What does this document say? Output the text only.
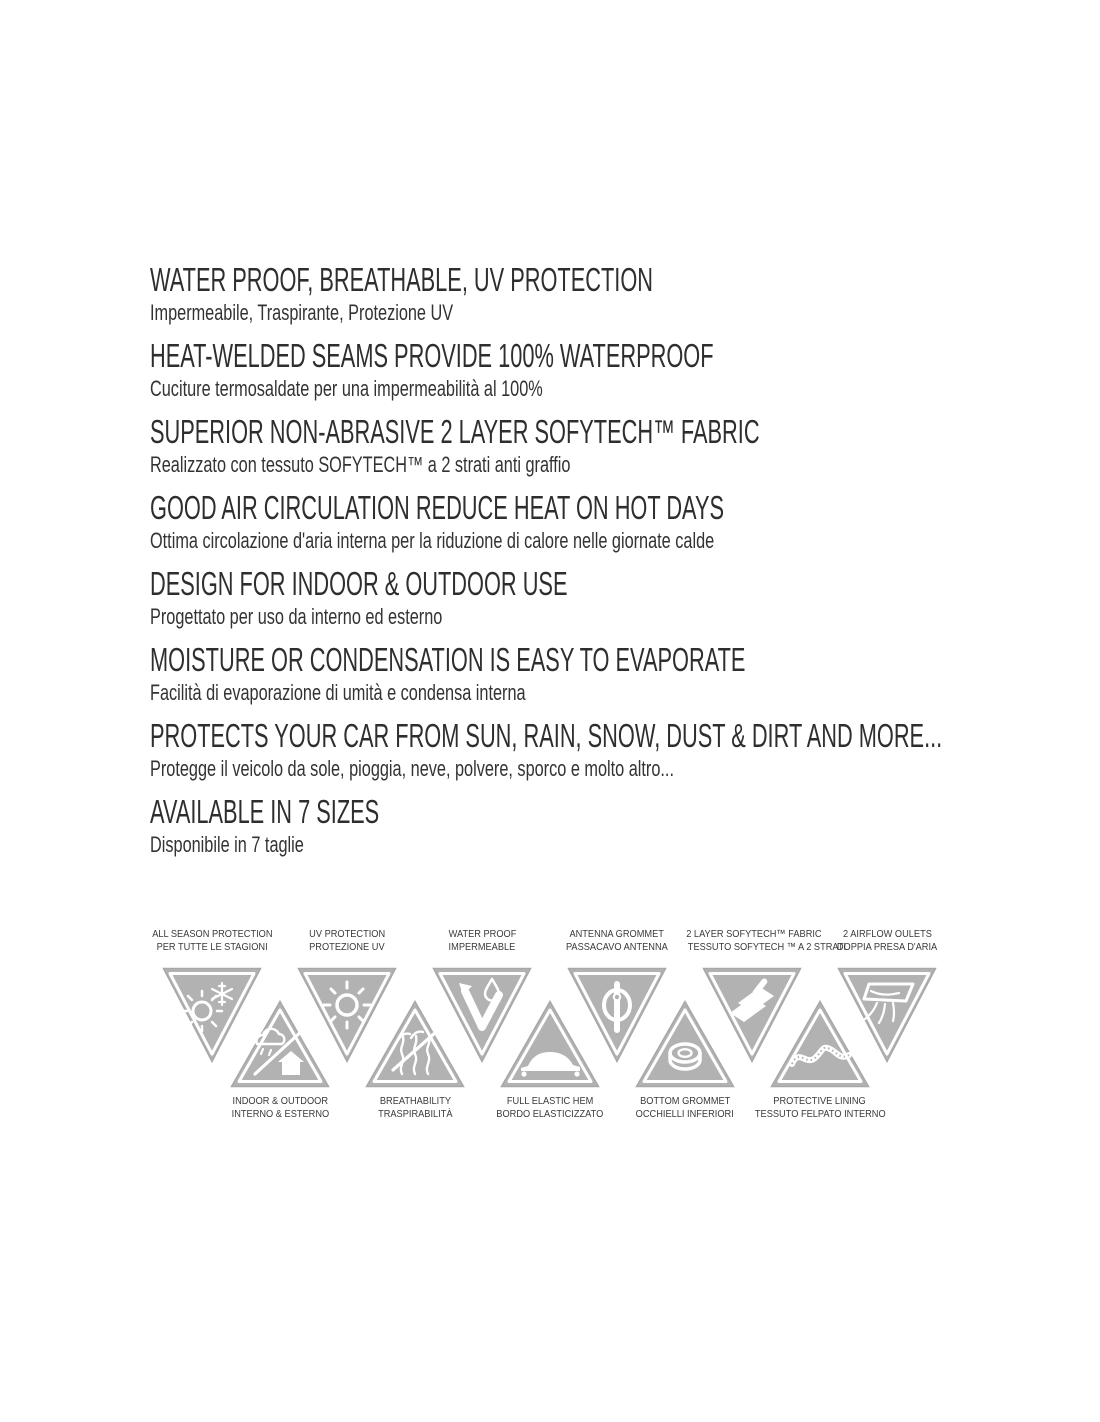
WATER PROOF, BREATHABLE, UV PROTECTION
Impermeabile, Traspirante, Protezione UV
HEAT-WELDED SEAMS PROVIDE 100% WATERPROOF
Cuciture termosaldate per una impermeabilità al 100%
SUPERIOR NON-ABRASIVE 2 LAYER SOFYTECH™ FABRIC
Realizzato con tessuto SOFYTECH™ a 2 strati anti graffio
GOOD AIR CIRCULATION REDUCE HEAT ON HOT DAYS
Ottima circolazione d'aria interna per la riduzione di calore nelle giornate calde
DESIGN FOR INDOOR & OUTDOOR USE
Progettato per uso da interno ed esterno
MOISTURE OR CONDENSATION IS EASY TO EVAPORATE
Facilità di evaporazione di umità e condensa interna
PROTECTS YOUR CAR FROM SUN, RAIN, SNOW, DUST & DIRT AND MORE...
Protegge il veicolo da sole, pioggia, neve, polvere, sporco e molto altro...
AVAILABLE IN 7 SIZES
Disponibile in 7 taglie
ALL SEASON PROTECTION
PER TUTTE LE STAGIONI
UV PROTECTION
PROTEZIONE UV
WATER PROOF
IMPERMEABLE
ANTENNA GROMMET
PASSACAVO ANTENNA
2 LAYER SOFYTECH™ FABRIC
TESSUTO SOFYTECH ™ A 2 STRATI
2 AIRFLOW OULETS
DOPPIA PRESA D'ARIA
INDOOR & OUTDOOR
INTERNO & ESTERNO
BREATHABILITY
TRASPIRABILITÀ
FULL ELASTIC HEM
BORDO ELASTICIZZATO
BOTTOM GROMMET
OCCHIELLI INFERIORI
PROTECTIVE LINING
TESSUTO FELPATO INTERNO
